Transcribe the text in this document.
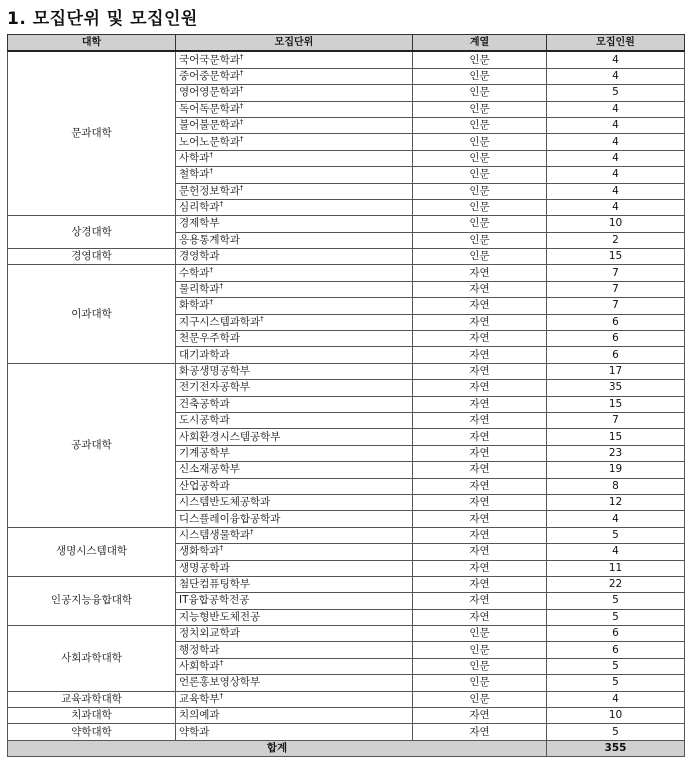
1. 모집단위 및 모집인원
대학	모집단위	계열	모집인원
문과대학	국어국문학과†	인문	4
	중어중문학과†	인문	4
	영어영문학과†	인문	5
	독어독문학과†	인문	4
	불어불문학과†	인문	4
	노어노문학과†	인문	4
	사학과†	인문	4
	철학과†	인문	4
	문헌정보학과†	인문	4
	심리학과†	인문	4
상경대학	경제학부	인문	10
	응용통계학과	인문	2
경영대학	경영학과	인문	15
이과대학	수학과†	자연	7
	물리학과†	자연	7
	화학과†	자연	7
	지구시스템과학과†	자연	6
	천문우주학과	자연	6
	대기과학과	자연	6
공과대학	화공생명공학부	자연	17
	전기전자공학부	자연	35
	건축공학과	자연	15
	도시공학과	자연	7
	사회환경시스템공학부	자연	15
	기계공학부	자연	23
	신소재공학부	자연	19
	산업공학과	자연	8
	시스템반도체공학과	자연	12
	디스플레이융합공학과	자연	4
생명시스템대학	시스템생물학과†	자연	5
	생화학과†	자연	4
	생명공학과	자연	11
인공지능융합대학	첨단컴퓨팅학부	자연	22
	IT융합공학전공	자연	5
	지능형반도체전공	자연	5
사회과학대학	정치외교학과	인문	6
	행정학과	인문	6
	사회학과†	인문	5
	언론홍보영상학부	인문	5
교육과학대학	교육학부†	인문	4
치과대학	치의예과	자연	10
약학대학	약학과	자연	5
합계			355
